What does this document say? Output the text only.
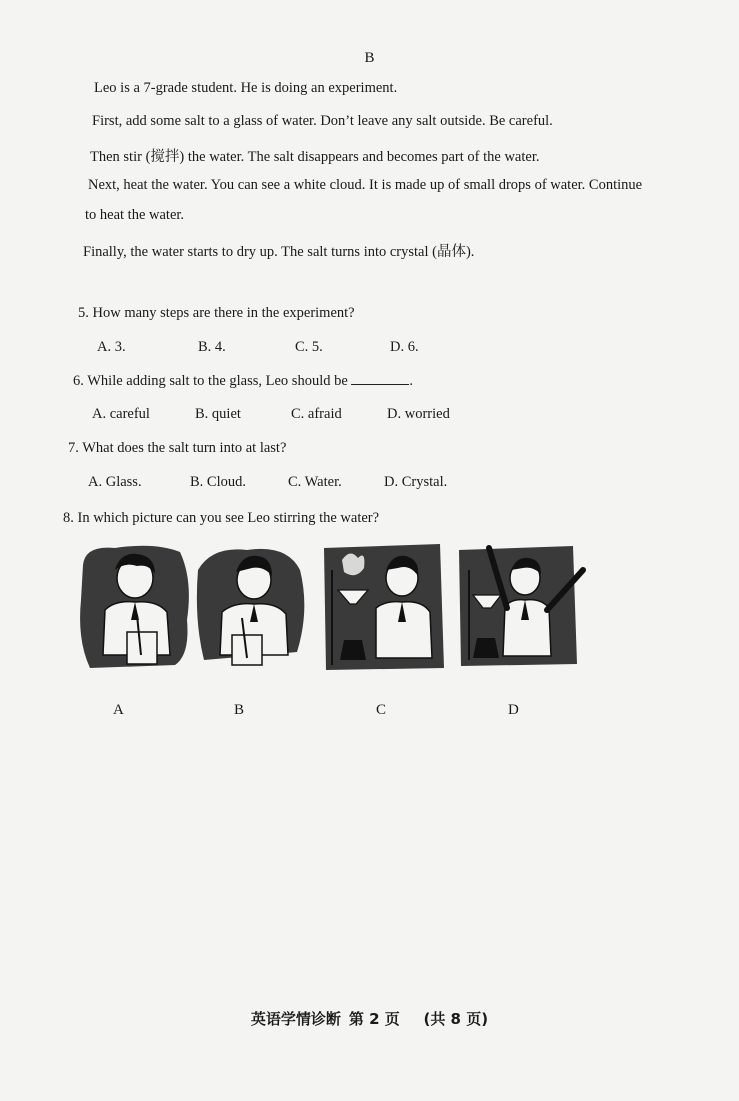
B
Leo is a 7-grade student. He is doing an experiment.
First, add some salt to a glass of water. Don’t leave any salt outside. Be careful.
Then stir (搅拌) the water. The salt disappears and becomes part of the water.
Next, heat the water. You can see a white cloud. It is made up of small drops of water. Continue
to heat the water.
Finally, the water starts to dry up. The salt turns into crystal (晶体).
5. How many steps are there in the experiment?
A. 3.	B. 4.	C. 5.	D. 6.
6. While adding salt to the glass, Leo should be	.
A. careful	B. quiet	C. afraid	D. worried
7. What does the salt turn into at last?
A. Glass.	B. Cloud.	C. Water.	D. Crystal.
8. In which picture can you see Leo stirring the water?
A	B	C	D
英语学情诊断 第 2 页 (共 8 页)
